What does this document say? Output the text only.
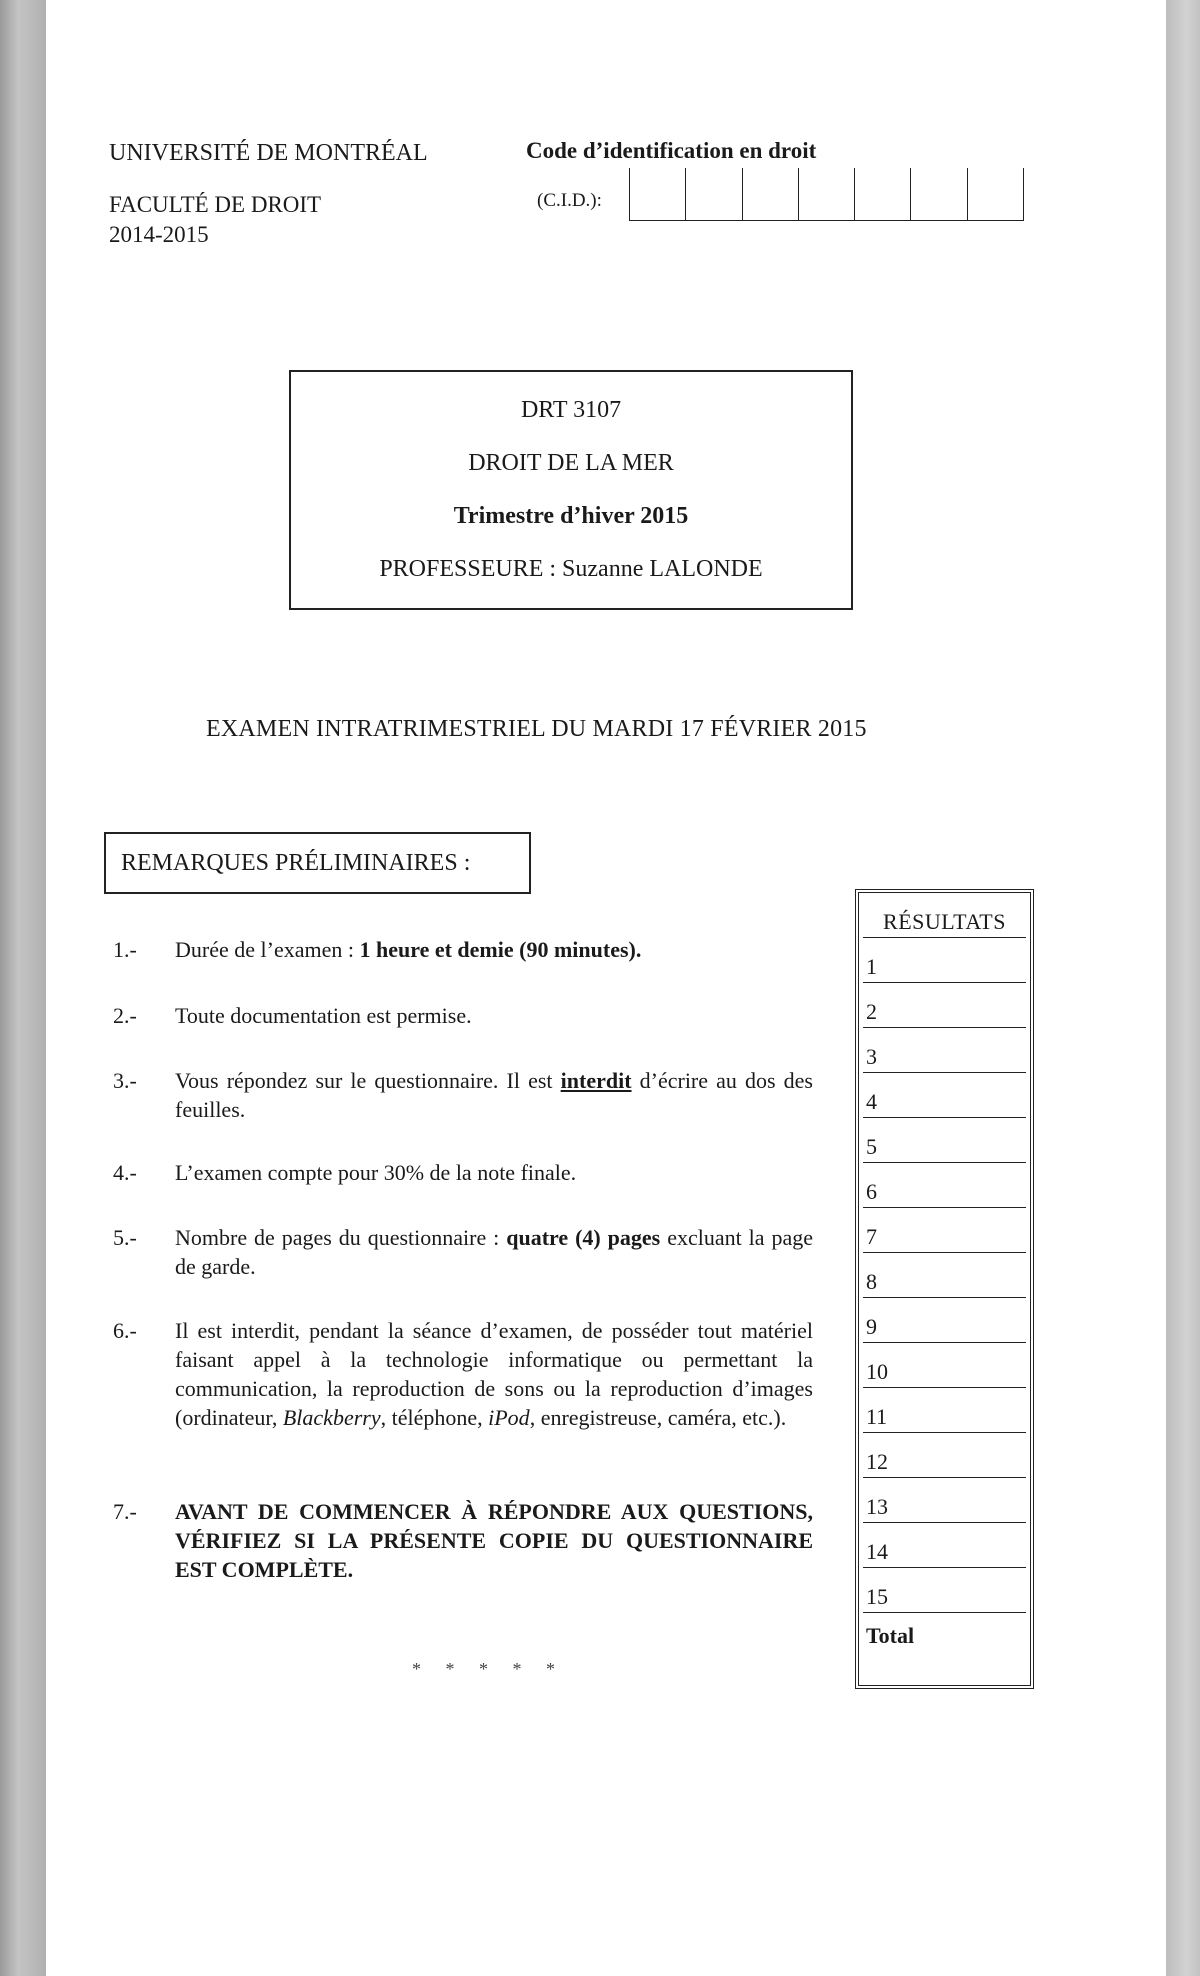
UNIVERSITÉ DE MONTRÉAL
FACULTÉ DE DROIT
2014-2015
Code d’identification en droit
(C.I.D.):
DRT 3107
DROIT DE LA MER
Trimestre d’hiver 2015
PROFESSEURE : Suzanne LALONDE
EXAMEN INTRATRIMESTRIEL DU MARDI 17 FÉVRIER 2015
REMARQUES PRÉLIMINAIRES :
1.- Durée de l’examen : 1 heure et demie (90 minutes).
2.- Toute documentation est permise.
3.- Vous répondez sur le questionnaire. Il est interdit d’écrire au dos des feuilles.
4.- L’examen compte pour 30% de la note finale.
5.- Nombre de pages du questionnaire : quatre (4) pages excluant la page de garde.
6.- Il est interdit, pendant la séance d’examen, de posséder tout matériel faisant appel à la technologie informatique ou permettant la communication, la reproduction de sons ou la reproduction d’images (ordinateur, Blackberry, téléphone, iPod, enregistreuse, caméra, etc.).
7.- AVANT DE COMMENCER À RÉPONDRE AUX QUESTIONS, VÉRIFIEZ SI LA PRÉSENTE COPIE DU QUESTIONNAIRE EST COMPLÈTE.
* * * * *
RÉSULTATS
1
2
3
4
5
6
7
8
9
10
11
12
13
14
15
Total
